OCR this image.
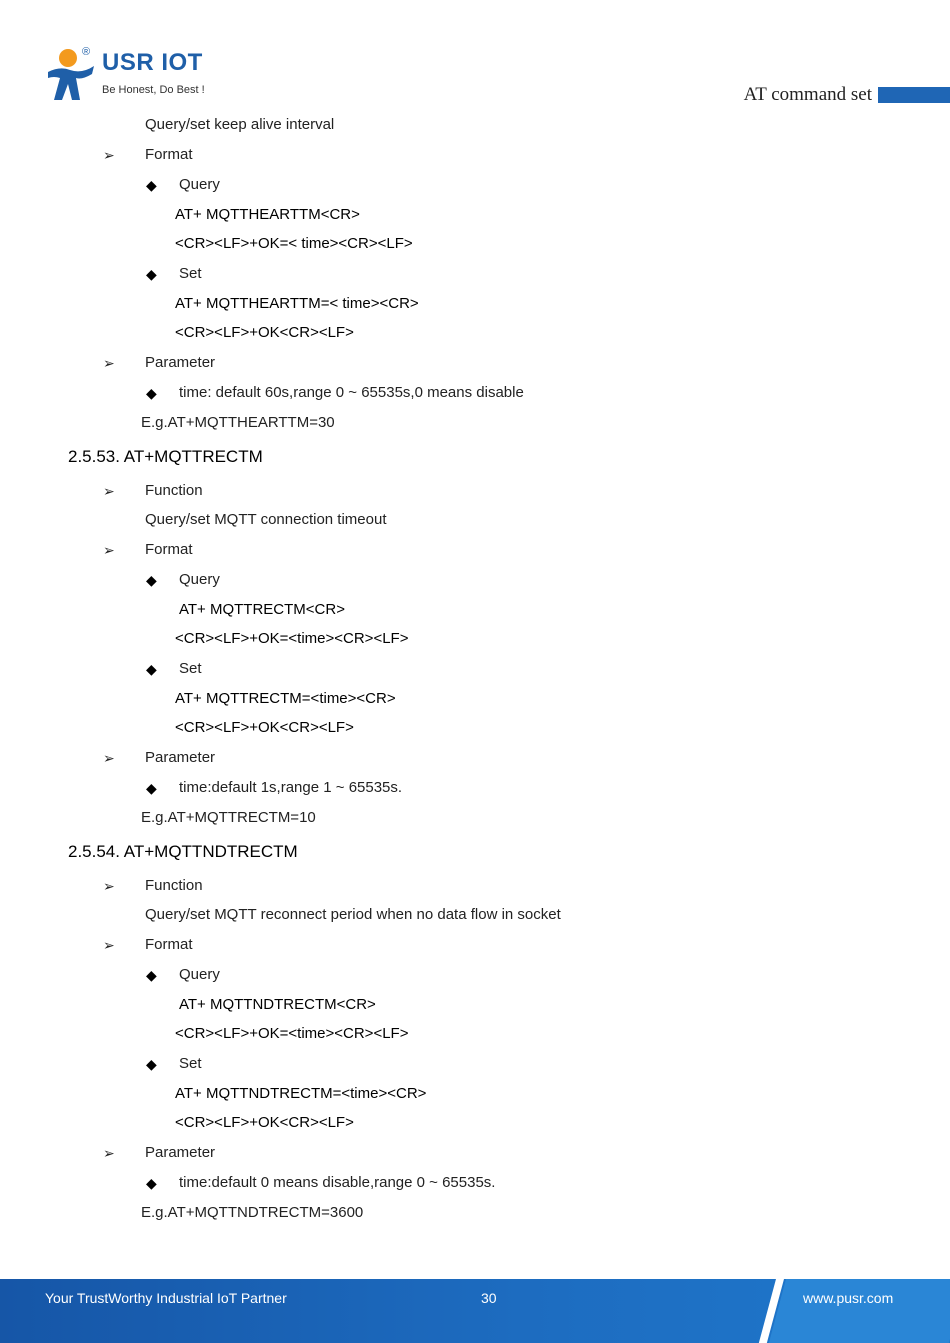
® USR IOT
Be Honest, Do Best !	AT command set
Query/set keep alive interval
➢ Format
◆ Query
AT+ MQTTHEARTTM<CR>
<CR><LF>+OK=< time><CR><LF>
◆ Set
AT+ MQTTHEARTTM=< time><CR>
<CR><LF>+OK<CR><LF>
➢ Parameter
◆ time: default 60s,range 0 ~ 65535s,0 means disable
E.g.AT+MQTTHEARTTM=30
2.5.53. AT+MQTTRECTM
➢ Function
Query/set MQTT connection timeout
➢ Format
◆ Query
AT+ MQTTRECTM<CR>
<CR><LF>+OK=<time><CR><LF>
◆ Set
AT+ MQTTRECTM=<time><CR>
<CR><LF>+OK<CR><LF>
➢ Parameter
◆ time:default 1s,range 1 ~ 65535s.
E.g.AT+MQTTRECTM=10
2.5.54. AT+MQTTNDTRECTM
➢ Function
Query/set MQTT reconnect period when no data flow in socket
➢ Format
◆ Query
AT+ MQTTNDTRECTM<CR>
<CR><LF>+OK=<time><CR><LF>
◆ Set
AT+ MQTTNDTRECTM=<time><CR>
<CR><LF>+OK<CR><LF>
➢ Parameter
◆ time:default 0 means disable,range 0 ~ 65535s.
E.g.AT+MQTTNDTRECTM=3600
Your TrustWorthy Industrial IoT Partner	30	www.pusr.com
